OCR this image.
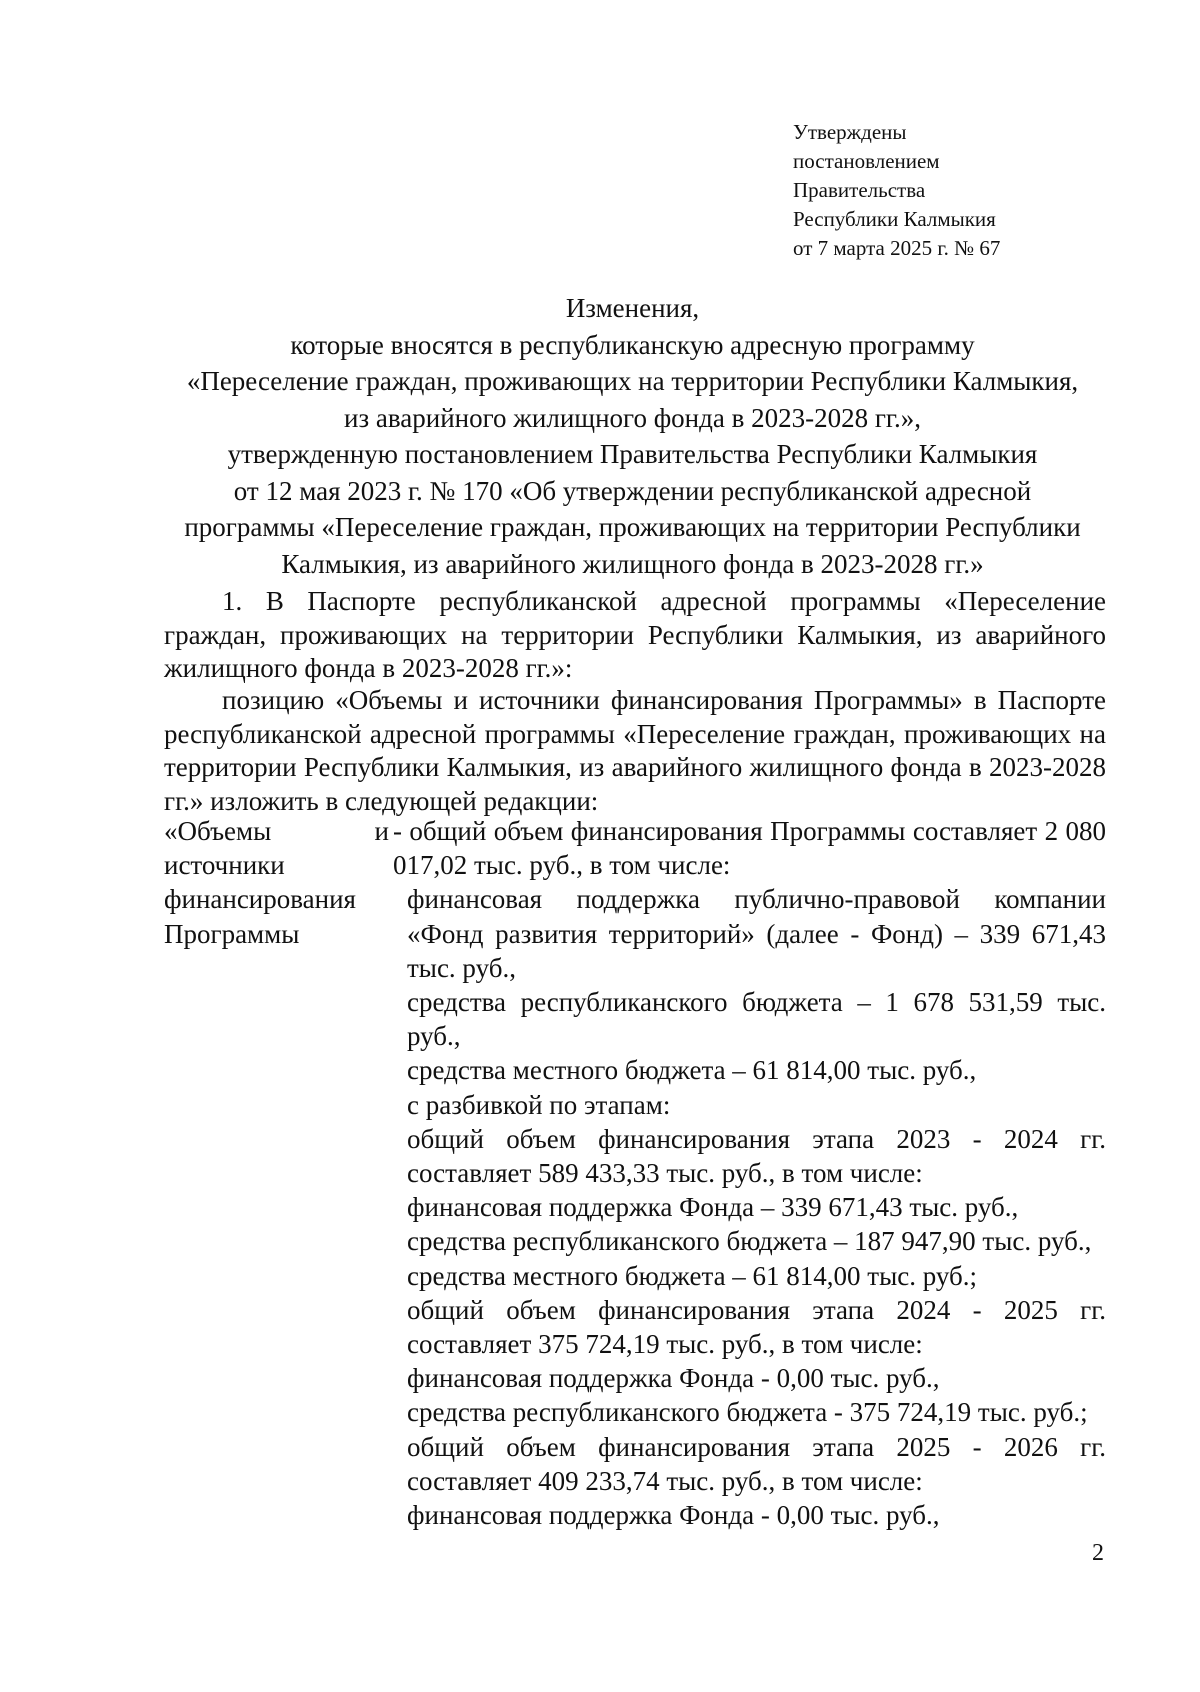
Утверждены
постановлением
Правительства
Республики Калмыкия
от 7 марта 2025 г. № 67
Изменения,
которые вносятся в республиканскую адресную программу
«Переселение граждан, проживающих на территории Республики Калмыкия,
из аварийного жилищного фонда в 2023-2028 гг.»,
утвержденную постановлением Правительства Республики Калмыкия
от 12 мая 2023 г. № 170 «Об утверждении республиканской адресной
программы «Переселение граждан, проживающих на территории Республики
Калмыкия, из аварийного жилищного фонда в 2023-2028 гг.»
1. В Паспорте республиканской адресной программы «Переселение граждан, проживающих на территории Республики Калмыкия, из аварийного жилищного фонда в 2023-2028 гг.»:
позицию «Объемы и источники финансирования Программы» в Паспорте республиканской адресной программы «Переселение граждан, проживающих на территории Республики Калмыкия, из аварийного жилищного фонда в 2023-2028 гг.» изложить в следующей редакции:
«Объемы	и
источники
финансирования
Программы

- общий объем финансирования Программы составляет 2 080 017,02 тыс. руб., в том числе:

финансовая поддержка публично-правовой компании «Фонд развития территорий» (далее - Фонд) – 339 671,43 тыс. руб.,

средства республиканского бюджета – 1 678 531,59 тыс. руб.,

средства местного бюджета – 61 814,00 тыс. руб.,

с разбивкой по этапам:

общий объем финансирования этапа 2023 - 2024 гг. составляет 589 433,33 тыс. руб., в том числе:

финансовая поддержка Фонда – 339 671,43 тыс. руб.,

средства республиканского бюджета – 187 947,90 тыс. руб.,

средства местного бюджета – 61 814,00 тыс. руб.;

общий объем финансирования этапа 2024 - 2025 гг. составляет 375 724,19 тыс. руб., в том числе:

финансовая поддержка Фонда - 0,00 тыс. руб.,

средства республиканского бюджета - 375 724,19 тыс. руб.;

общий объем финансирования этапа 2025 - 2026 гг. составляет 409 233,74 тыс. руб., в том числе:

финансовая поддержка Фонда - 0,00 тыс. руб.,

2
